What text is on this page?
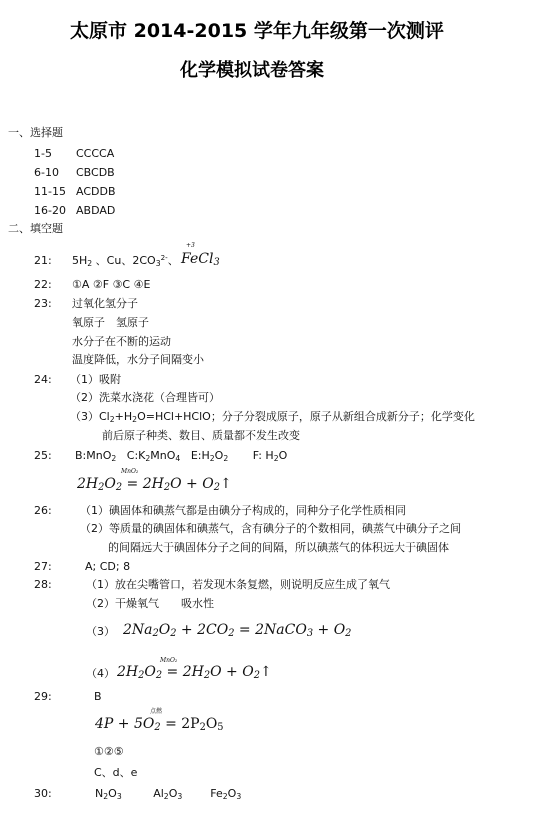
太原市 2014-2015 学年九年级第一次测评
化学模拟试卷答案
一、选择题
1-5 CCCCA
6-10 CBCDB
11-15 ACDDB
16-20 ABDAD
二、填空题
21: $5H_2$ 、Cu、$2CO_3^{2-}$、
+3
FeCl$_3$
22: ①A ②F ③C ④E
23: 过氧化氢分子
氧原子　氢原子
水分子在不断的运动
温度降低，水分子间隔变小
24: （1）吸附
（2）洗菜水浇花（合理皆可）
$(3)Cl_2+H_2O=HCl+HClO$；分子分裂成原子，原子从新组合成新分子；化学变化
前后原子种类、数目、质量都不发生改变
25: B:MnO$_2$ $C:K_2MnO_4$ $E:H_2O_2$ F: $H_2O$
MnO₂
$2H_2O_2 = 2H_2O$ + $O_2↑$
26:	（1）碘固体和碘蒸气都是由碘分子构成的，同种分子化学性质相同
（2）等质量的碘固体和碘蒸气，含有碘分子的个数相同，碘蒸气中碘分子之间
的间隔远大于碘固体分子之间的间隔，所以碘蒸气的体积远大于碘固体
27:	A; CD; 8
28:	（1）放在尖嘴管口，若发现木条复燃，则说明反应生成了氧气
（2）干燥氧气　　吸水性
（3） $2Na_2O_2 + 2CO_2$ = 2NaCO$_3$ + $O_2$
MnO₂
（4） $2H_2O_2 = 2H_2O$ + $O_2↑$
29:	B
点燃
$4P + 5O_2 = 2P_2O_5$
①②⑤
C、d、e
30:	$N_2O_3$	$Al_2O_3$	$Fe_2O_3$
